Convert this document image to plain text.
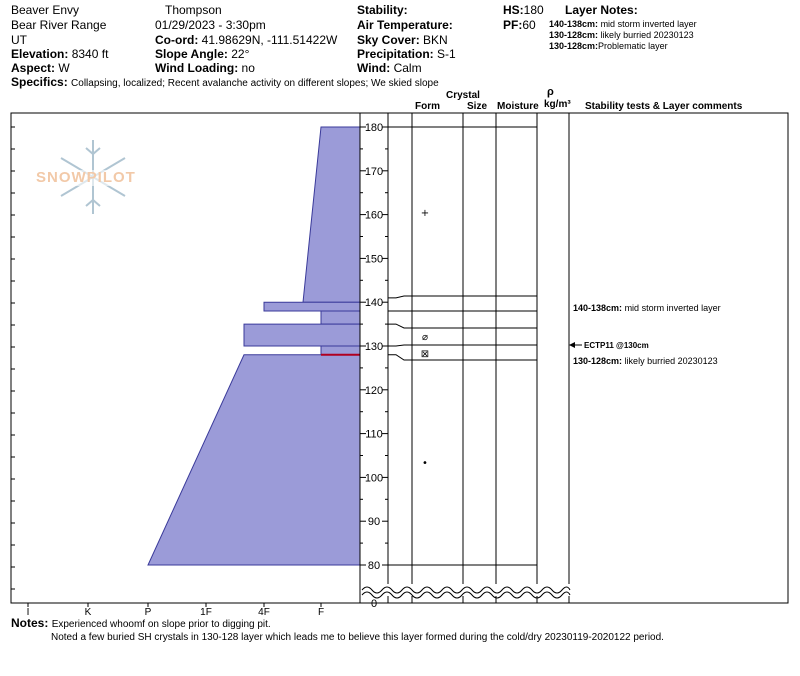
0
80
90
100
110
120
130
140
150
160
170
180
I	K	P	1F	4F	F
+
⌀
⊠
•
SNOWPILOT
Beaver Envy
Bear River Range
UT
Elevation: 8340 ft
Aspect: W
Specifics: Collapsing, localized; Recent avalanche activity on different slopes; We skied slope
Thompson
01/29/2023 - 3:30pm
Co-ord: 41.98629N, -111.51422W
Slope Angle: 22°
Wind Loading: no
Stability:
Air Temperature:
Sky Cover: BKN
Precipitation: S-1
Wind: Calm
HS:180
PF:60
Layer Notes:
140-138cm: mid storm inverted layer
130-128cm: likely burried 20230123
130-128cm:Problematic layer
Crystal
Form	Size Moisture
ρ
kg/m³ Stability tests & Layer comments
140-138cm: mid storm inverted layer
130-128cm: likely burried 20230123
ECTP11 @130cm
Notes: Experienced whoomf on slope prior to digging pit.
Noted a few buried SH crystals in 130-128 layer which leads me to believe this layer formed during the cold/dry 20230119-2020122 period.
